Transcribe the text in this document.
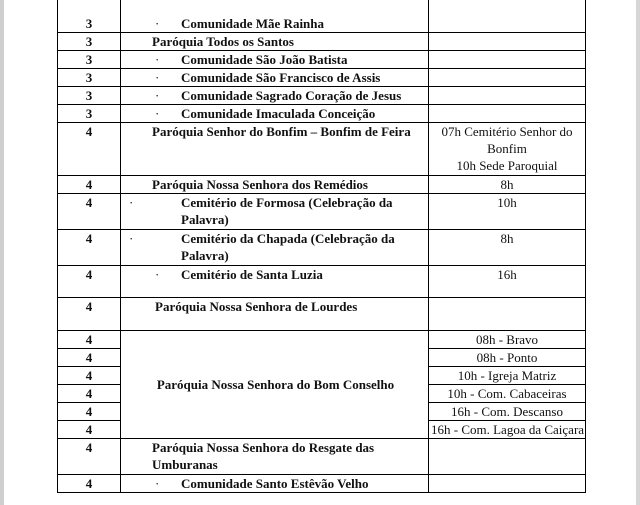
3	· Comunidade Mãe Rainha	
3	Paróquia Todos os Santos	
3	· Comunidade São João Batista	
3	· Comunidade São Francisco de Assis	
3	· Comunidade Sagrado Coração de Jesus	
3	· Comunidade Imaculada Conceição	
4	Paróquia Senhor do Bonfim – Bonfim de Feira	07h Cemitério Senhor do
Bonfim
10h Sede Paroquial

4	Paróquia Nossa Senhora dos Remédios	8h
4	· Cemitério de Formosa (Celebração da Palavra)	10h
4	· Cemitério da Chapada (Celebração da Palavra)	8h
4	· Cemitério de Santa Luzia	16h
4	Paróquia Nossa Senhora de Lourdes	
4	Paróquia Nossa Senhora do Bom Conselho	08h - Bravo
4		08h - Ponto
4		10h - Igreja Matriz
4		10h - Com. Cabaceiras
4		16h - Com. Descanso
4		16h - Com. Lagoa da Caiçara
4	Paróquia Nossa Senhora do Resgate das Umburanas	
4	· Comunidade Santo Estêvão Velho	
